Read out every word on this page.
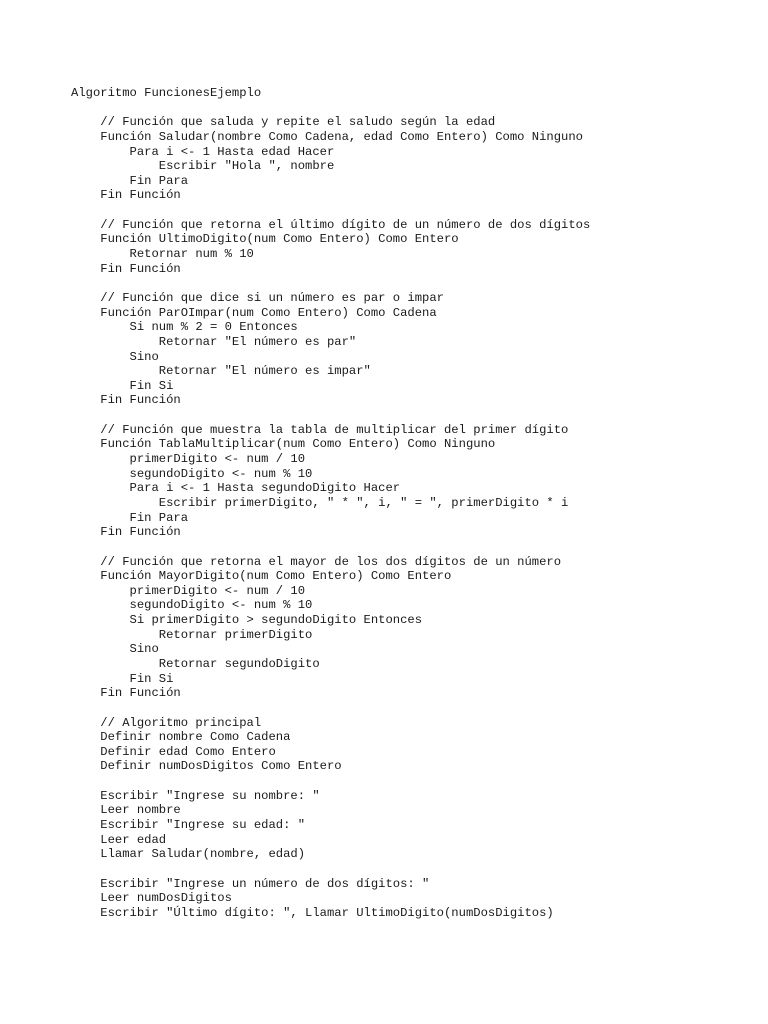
Algoritmo FuncionesEjemplo
// Función que saluda y repite el saludo según la edad
Función Saludar(nombre Como Cadena, edad Como Entero) Como Ninguno
Para i <- 1 Hasta edad Hacer
Escribir "Hola ", nombre
Fin Para
Fin Función
// Función que retorna el último dígito de un número de dos dígitos
Función UltimoDigito(num Como Entero) Como Entero
Retornar num % 10
Fin Función
// Función que dice si un número es par o impar
Función ParOImpar(num Como Entero) Como Cadena
Si num % 2 = 0 Entonces
Retornar "El número es par"
Sino
Retornar "El número es impar"
Fin Si
Fin Función
// Función que muestra la tabla de multiplicar del primer dígito
Función TablaMultiplicar(num Como Entero) Como Ninguno
primerDigito <- num / 10
segundoDigito <- num % 10
Para i <- 1 Hasta segundoDigito Hacer
Escribir primerDigito, " * ", i, " = ", primerDigito * i
Fin Para
Fin Función
// Función que retorna el mayor de los dos dígitos de un número
Función MayorDigito(num Como Entero) Como Entero
primerDigito <- num / 10
segundoDigito <- num % 10
Si primerDigito > segundoDigito Entonces
Retornar primerDigito
Sino
Retornar segundoDigito
Fin Si
Fin Función
// Algoritmo principal
Definir nombre Como Cadena
Definir edad Como Entero
Definir numDosDigitos Como Entero
Escribir "Ingrese su nombre: "
Leer nombre
Escribir "Ingrese su edad: "
Leer edad
Llamar Saludar(nombre, edad)
Escribir "Ingrese un número de dos dígitos: "
Leer numDosDigitos
Escribir "Último dígito: ", Llamar UltimoDigito(numDosDigitos)
